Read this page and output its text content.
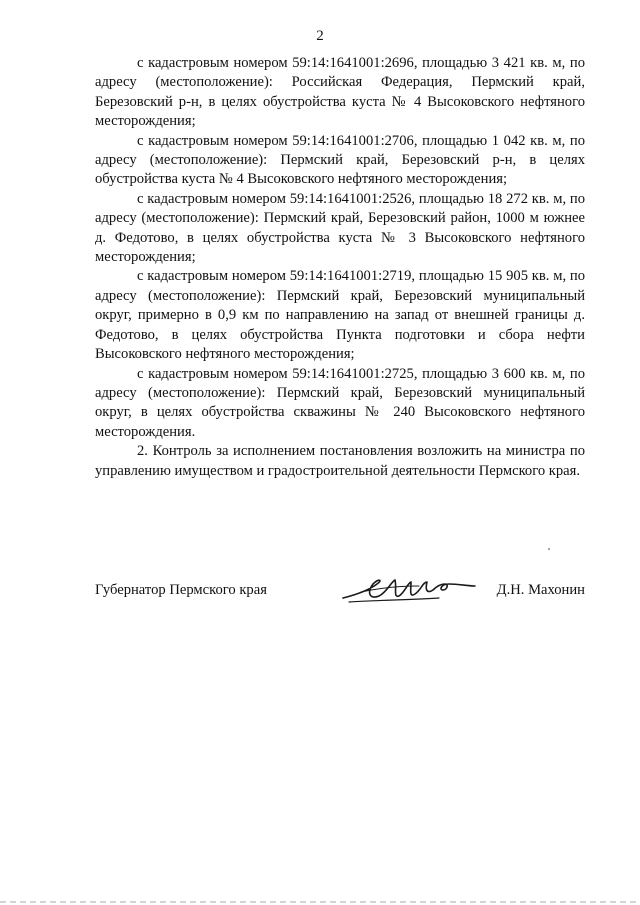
2

с кадастровым номером 59:14:1641001:2696, площадью 3 421 кв. м, по адресу (местоположение): Российская Федерация, Пермский край, Березовский р-н, в целях обустройства куста № 4 Высоковского нефтяного месторождения;

с кадастровым номером 59:14:1641001:2706, площадью 1 042 кв. м, по адресу (местоположение): Пермский край, Березовский р-н, в целях обустройства куста № 4 Высоковского нефтяного месторождения;

с кадастровым номером 59:14:1641001:2526, площадью 18 272 кв. м, по адресу (местоположение): Пермский край, Березовский район, 1000 м южнее д. Федотово, в целях обустройства куста № 3 Высоковского нефтяного месторождения;

с кадастровым номером 59:14:1641001:2719, площадью 15 905 кв. м, по адресу (местоположение): Пермский край, Березовский муниципальный округ, примерно в 0,9 км по направлению на запад от внешней границы д. Федотово, в целях обустройства Пункта подготовки и сбора нефти Высоковского нефтяного месторождения;

с кадастровым номером 59:14:1641001:2725, площадью 3 600 кв. м, по адресу (местоположение): Пермский край, Березовский муниципальный округ, в целях обустройства скважины № 240 Высоковского нефтяного месторождения.

2. Контроль за исполнением постановления возложить на министра по управлению имуществом и градостроительной деятельности Пермского края.

Губернатор Пермского края	Д.Н. Махонин
